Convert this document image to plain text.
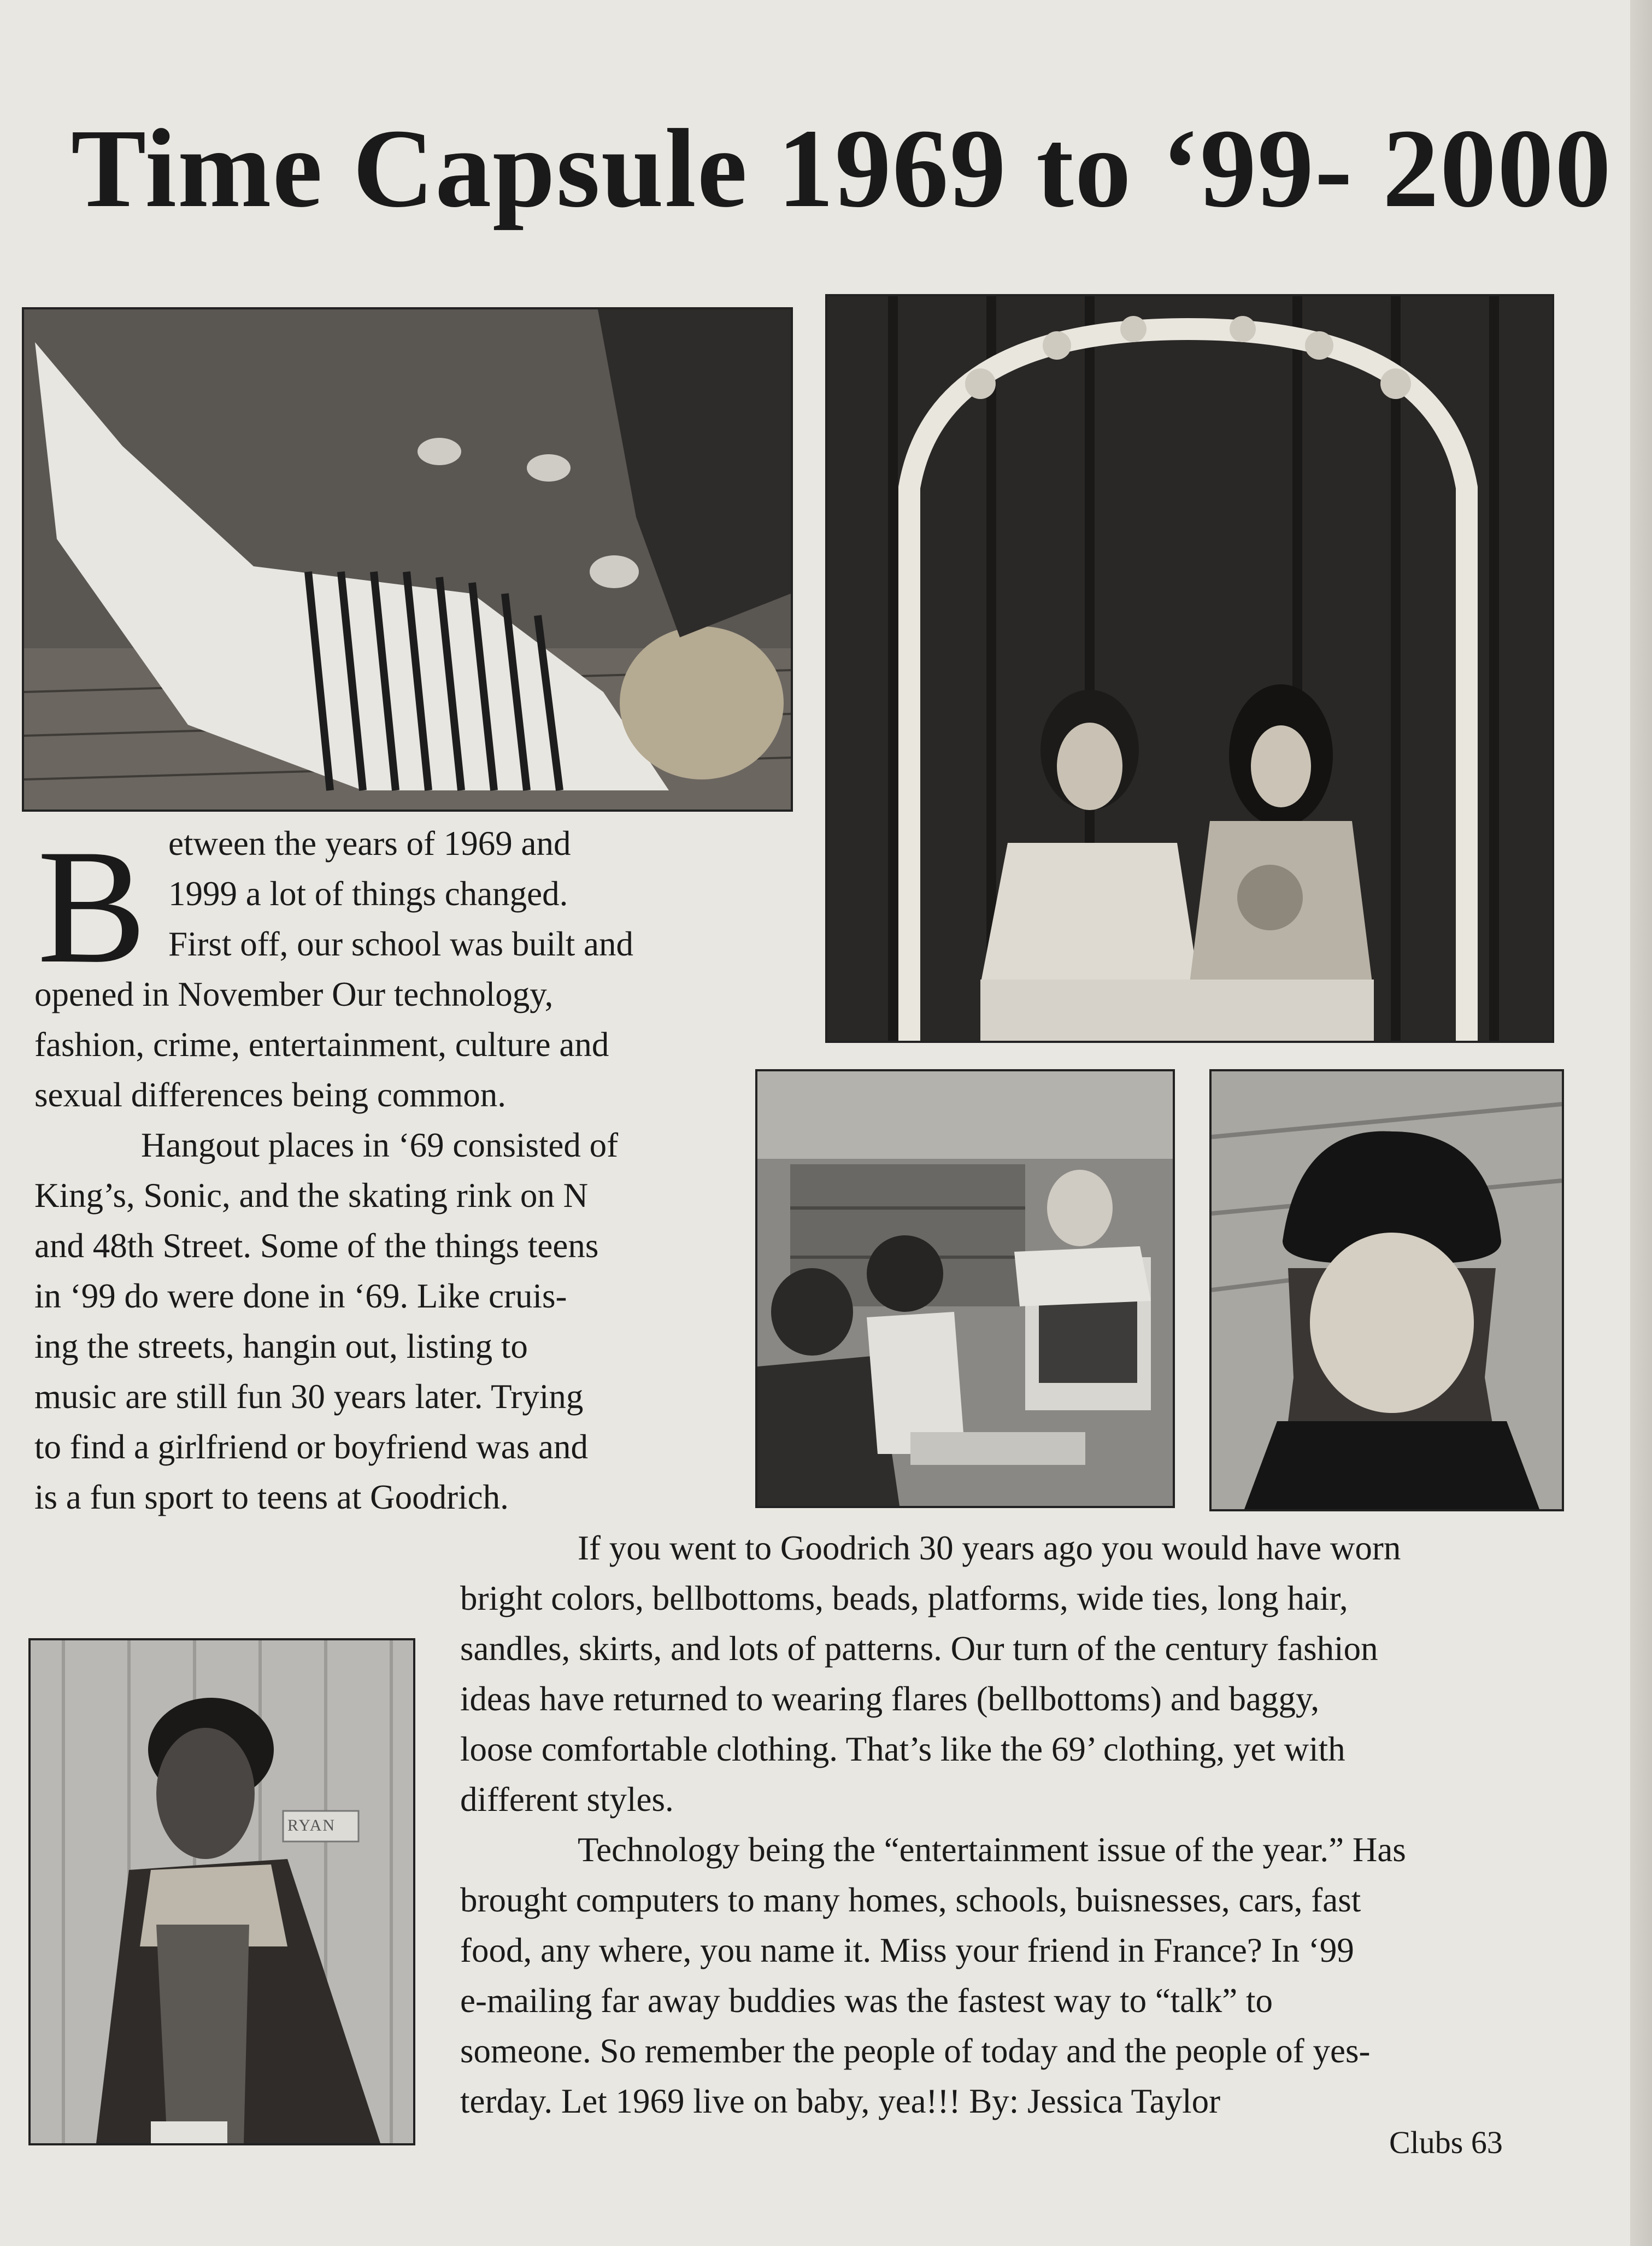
Time Capsule 1969 to ‘99- 2000
RYAN
B etween the years of 1969 and
1999 a lot of things changed.
First off, our school was built and
opened in November Our technology,
fashion, crime, entertainment, culture and
sexual differences being common.
Hangout places in ‘69 consisted of
King’s, Sonic, and the skating rink on N
and 48th Street. Some of the things teens
in ‘99 do were done in ‘69. Like cruis-
ing the streets, hangin out, listing to
music are still fun 30 years later. Trying
to find a girlfriend or boyfriend was and
is a fun sport to teens at Goodrich.
If you went to Goodrich 30 years ago you would have worn
bright colors, bellbottoms, beads, platforms, wide ties, long hair,
sandles, skirts, and lots of patterns. Our turn of the century fashion
ideas have returned to wearing flares (bellbottoms) and baggy,
loose comfortable clothing. That’s like the 69’ clothing, yet with
different styles.
Technology being the “entertainment issue of the year.” Has
brought computers to many homes, schools, buisnesses, cars, fast
food, any where, you name it. Miss your friend in France? In ‘99
e-mailing far away buddies was the fastest way to “talk” to
someone. So remember the people of today and the people of yes-
terday. Let 1969 live on baby, yea!!! By: Jessica Taylor
Clubs 63
